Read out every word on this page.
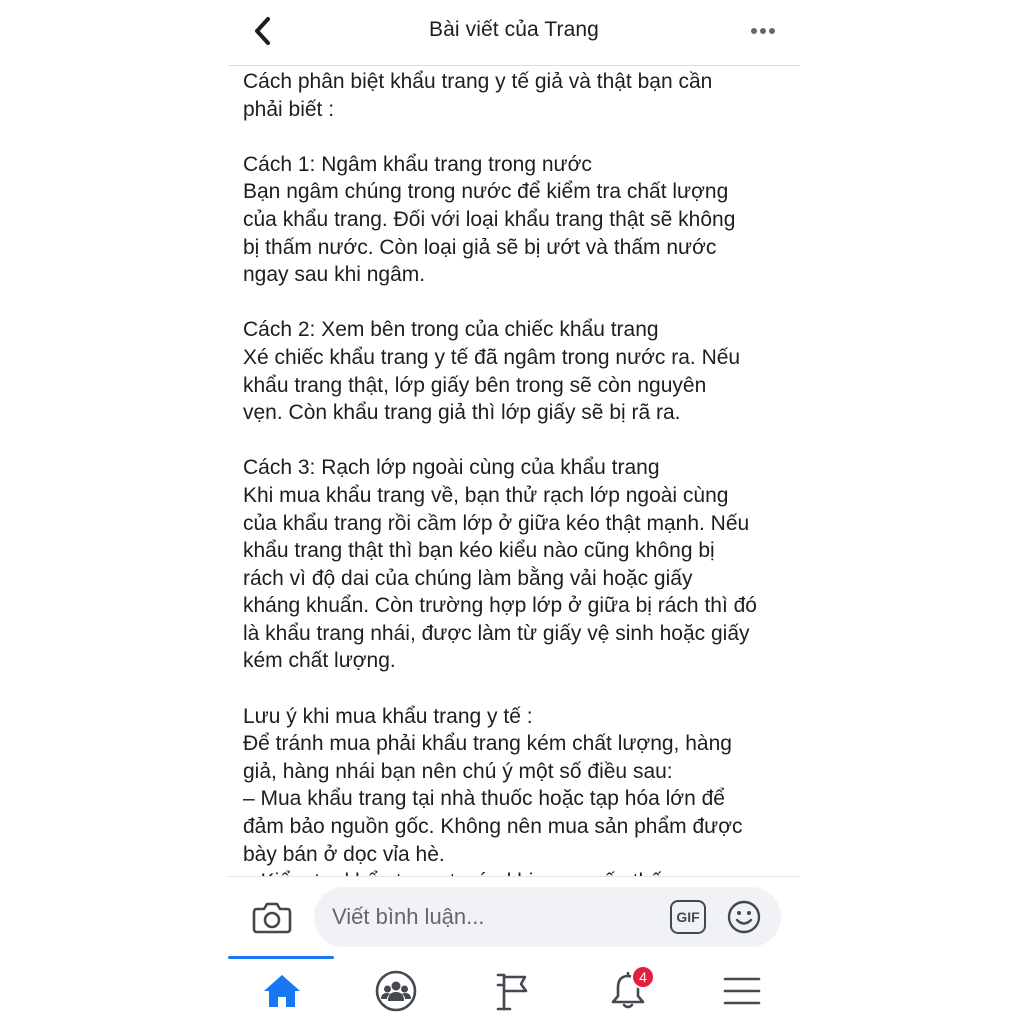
Bài viết của Trang
Cách phân biệt khẩu trang y tế giả và thật bạn cần
phải biết :

Cách 1: Ngâm khẩu trang trong nước
Bạn ngâm chúng trong nước để kiểm tra chất lượng
của khẩu trang. Đối với loại khẩu trang thật sẽ không
bị thấm nước. Còn loại giả sẽ bị ướt và thấm nước
ngay sau khi ngâm.

Cách 2: Xem bên trong của chiếc khẩu trang
Xé chiếc khẩu trang y tế đã ngâm trong nước ra. Nếu
khẩu trang thật, lớp giấy bên trong sẽ còn nguyên
vẹn. Còn khẩu trang giả thì lớp giấy sẽ bị rã ra.

Cách 3: Rạch lớp ngoài cùng của khẩu trang
Khi mua khẩu trang về, bạn thử rạch lớp ngoài cùng
của khẩu trang rồi cầm lớp ở giữa kéo thật mạnh. Nếu
khẩu trang thật thì bạn kéo kiểu nào cũng không bị
rách vì độ dai của chúng làm bằng vải hoặc giấy
kháng khuẩn. Còn trường hợp lớp ở giữa bị rách thì đó
là khẩu trang nhái, được làm từ giấy vệ sinh hoặc giấy
kém chất lượng.

Lưu ý khi mua khẩu trang y tế :
Để tránh mua phải khẩu trang kém chất lượng, hàng
giả, hàng nhái bạn nên chú ý một số điều sau:
– Mua khẩu trang tại nhà thuốc hoặc tạp hóa lớn để
đảm bảo nguồn gốc. Không nên mua sản phẩm được
bày bán ở dọc vỉa hè.

Viết bình luận...
GIF
4
